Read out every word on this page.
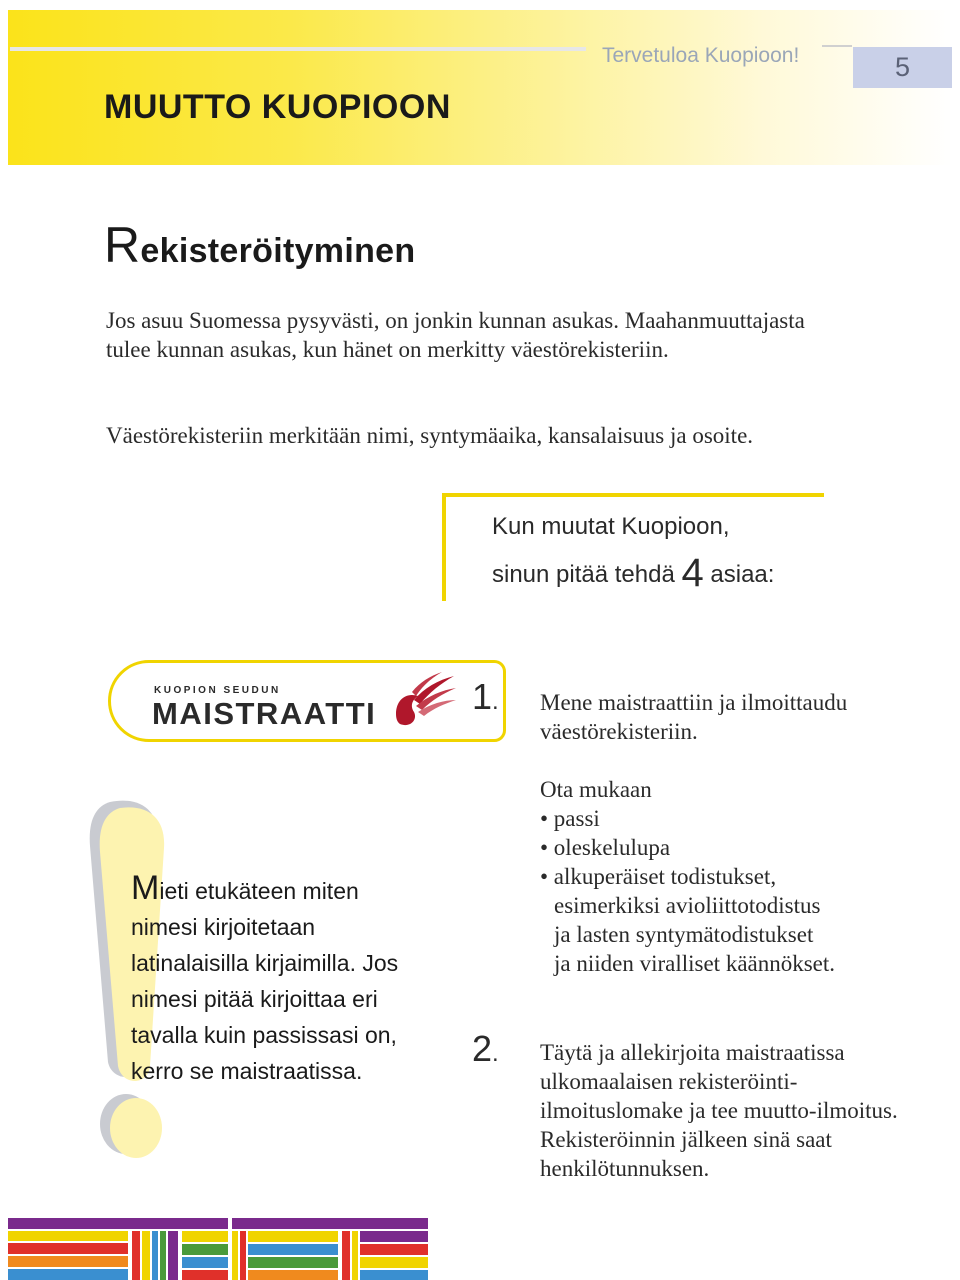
Tervetuloa Kuopioon!	5
MUUTTO KUOPIOON
Rekisteröityminen
Jos asuu Suomessa pysyvästi, on jonkin kunnan asukas. Maahanmuuttajasta tulee kunnan asukas, kun hänet on merkitty väestörekisteriin.
Väestörekisteriin merkitään nimi, syntymäaika, kansalaisuus ja osoite.
Kun muutat Kuopioon,
sinun pitää tehdä 4 asiaa:
KUOPION SEUDUN
MAISTRAATTI	1. Mene maistraattiin ja ilmoittaudu väestörekisteriin.
Ota mukaan
• passi
• oleskelulupa
• alkuperäiset todistukset,
esimerkiksi avioliittotodistus
ja lasten syntymätodistukset
ja niiden viralliset käännökset.
2. Täytä ja allekirjoita maistraatissa ulkomaalaisen rekisteröinti-ilmoituslomake ja tee muutto-ilmoitus. Rekisteröinnin jälkeen sinä saat henkilötunnuksen.
Mieti etukäteen miten nimesi kirjoitetaan latinalaisilla kirjaimilla. Jos nimesi pitää kirjoittaa eri tavalla kuin passissasi on, kerro se maistraatissa.
